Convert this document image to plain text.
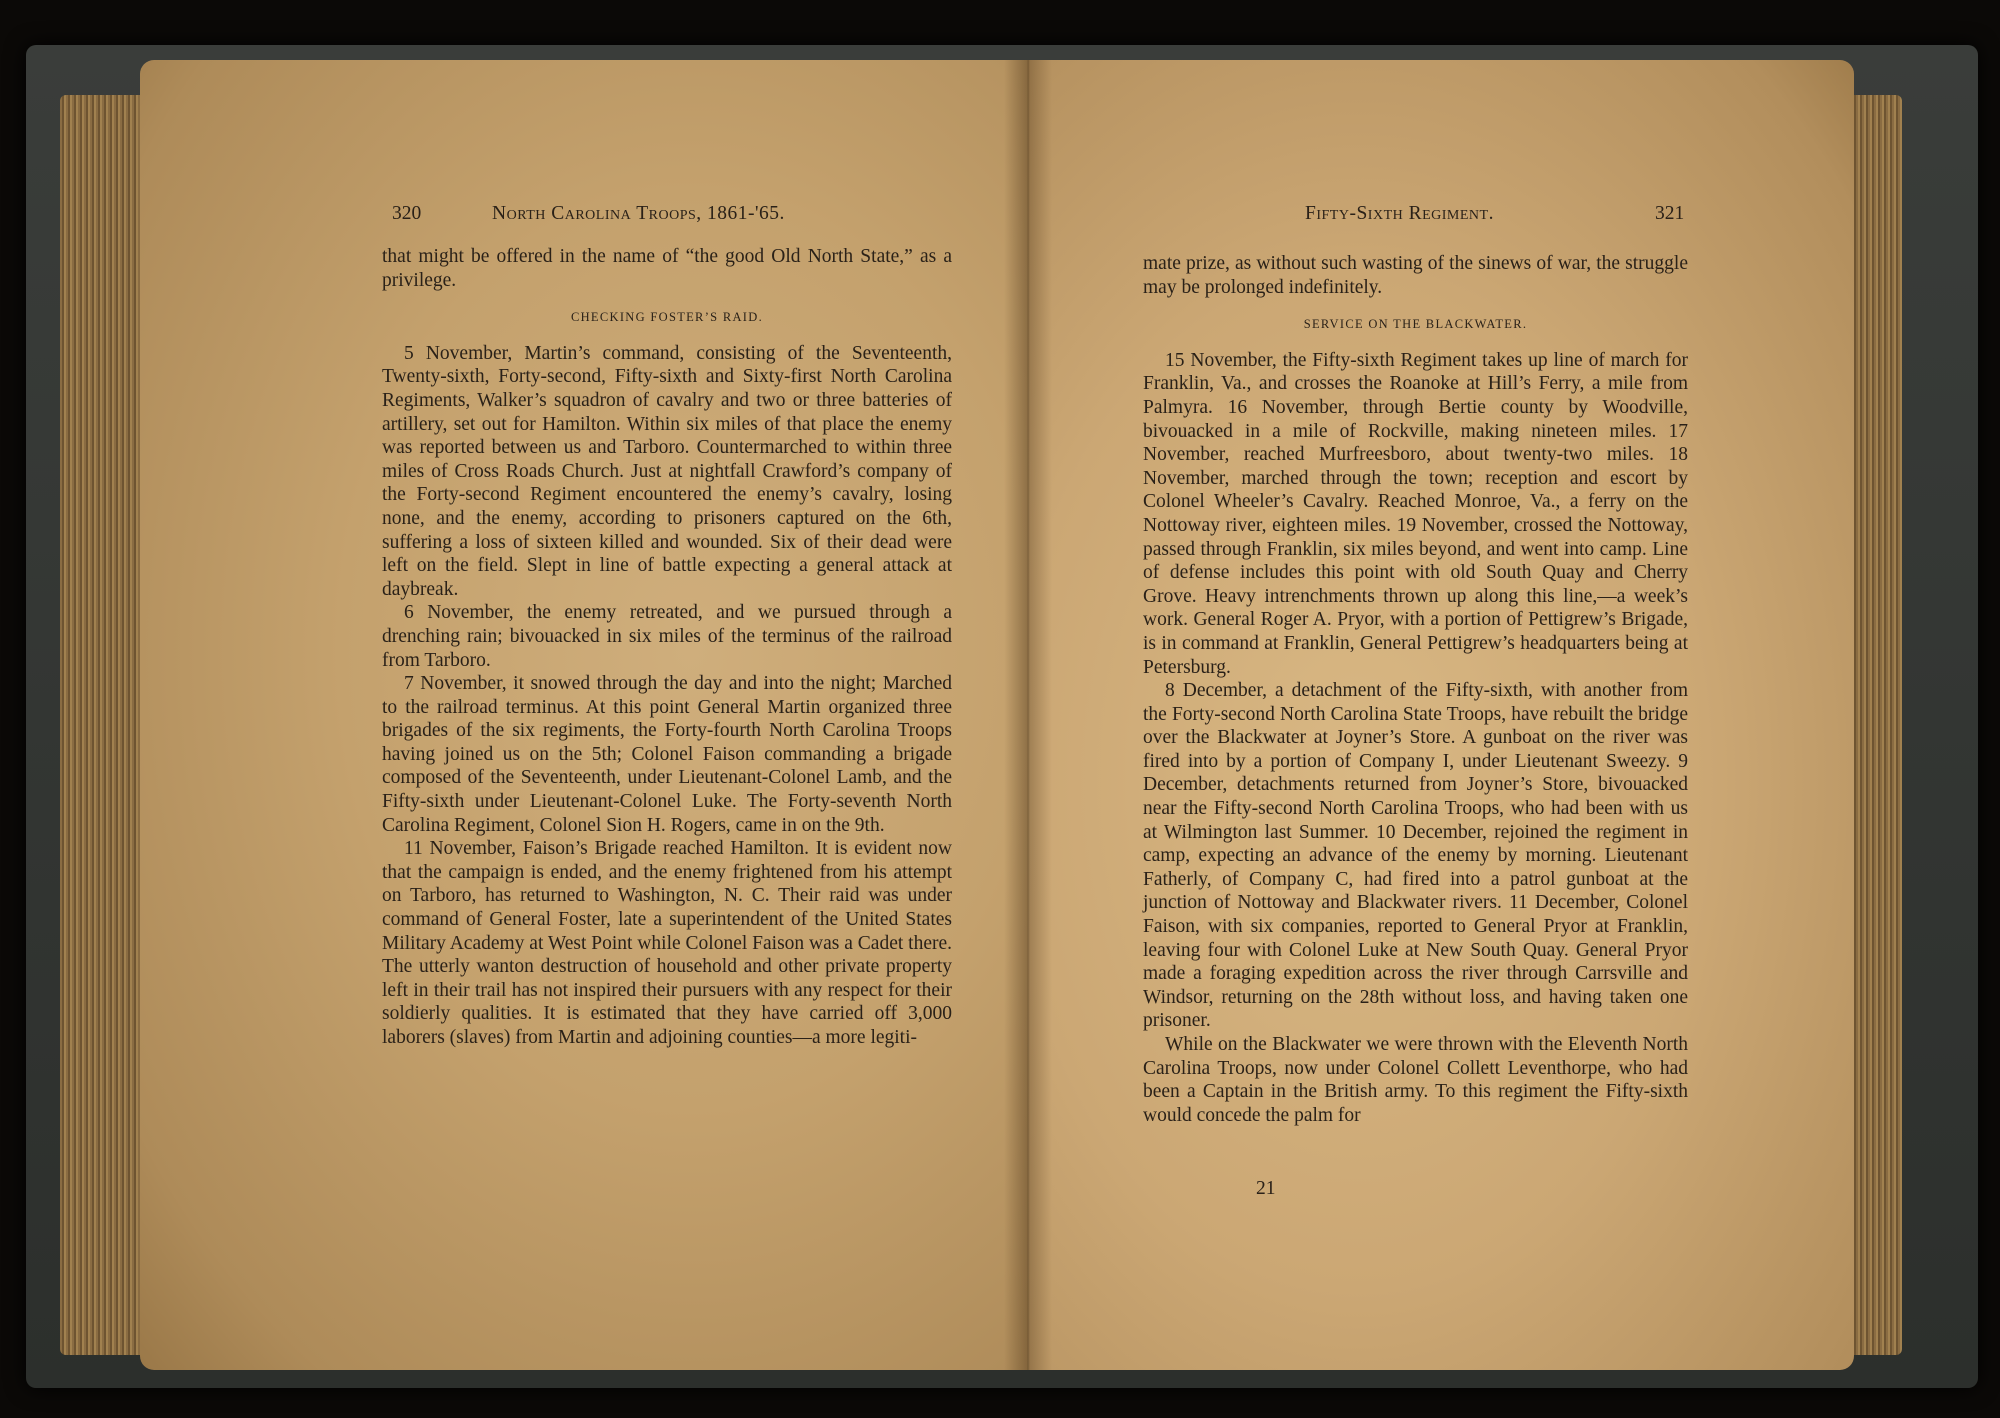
320	North Carolina Troops, 1861-'65.

that might be offered in the name of “the good Old North State,” as a privilege.

CHECKING FOSTER’S RAID.

5 November, Martin’s command, consisting of the Seventeenth, Twenty-sixth, Forty-second, Fifty-sixth and Sixty-first North Carolina Regiments, Walker’s squadron of cavalry and two or three batteries of artillery, set out for Hamilton. Within six miles of that place the enemy was reported between us and Tarboro. Countermarched to within three miles of Cross Roads Church. Just at nightfall Crawford’s company of the Forty-second Regiment encountered the enemy’s cavalry, losing none, and the enemy, according to prisoners captured on the 6th, suffering a loss of sixteen killed and wounded. Six of their dead were left on the field. Slept in line of battle expecting a general attack at daybreak.

6 November, the enemy retreated, and we pursued through a drenching rain; bivouacked in six miles of the terminus of the railroad from Tarboro.

7 November, it snowed through the day and into the night; Marched to the railroad terminus. At this point General Martin organized three brigades of the six regiments, the Forty-fourth North Carolina Troops having joined us on the 5th; Colonel Faison commanding a brigade composed of the Seventeenth, under Lieutenant-Colonel Lamb, and the Fifty-sixth under Lieutenant-Colonel Luke. The Forty-seventh North Carolina Regiment, Colonel Sion H. Rogers, came in on the 9th.

11 November, Faison’s Brigade reached Hamilton. It is evident now that the campaign is ended, and the enemy frightened from his attempt on Tarboro, has returned to Washington, N. C. Their raid was under command of General Foster, late a superintendent of the United States Military Academy at West Point while Colonel Faison was a Cadet there. The utterly wanton destruction of household and other private property left in their trail has not inspired their pursuers with any respect for their soldierly qualities. It is estimated that they have carried off 3,000 laborers (slaves) from Martin and adjoining counties—a more legiti-

Fifty-Sixth Regiment.	321

mate prize, as without such wasting of the sinews of war, the struggle may be prolonged indefinitely.

SERVICE ON THE BLACKWATER.

15 November, the Fifty-sixth Regiment takes up line of march for Franklin, Va., and crosses the Roanoke at Hill’s Ferry, a mile from Palmyra. 16 November, through Bertie county by Woodville, bivouacked in a mile of Rockville, making nineteen miles. 17 November, reached Murfreesboro, about twenty-two miles. 18 November, marched through the town; reception and escort by Colonel Wheeler’s Cavalry. Reached Monroe, Va., a ferry on the Nottoway river, eighteen miles. 19 November, crossed the Nottoway, passed through Franklin, six miles beyond, and went into camp. Line of defense includes this point with old South Quay and Cherry Grove. Heavy intrenchments thrown up along this line,—a week’s work. General Roger A. Pryor, with a portion of Pettigrew’s Brigade, is in command at Franklin, General Pettigrew’s headquarters being at Petersburg.

8 December, a detachment of the Fifty-sixth, with another from the Forty-second North Carolina State Troops, have rebuilt the bridge over the Blackwater at Joyner’s Store. A gunboat on the river was fired into by a portion of Company I, under Lieutenant Sweezy. 9 December, detachments returned from Joyner’s Store, bivouacked near the Fifty-second North Carolina Troops, who had been with us at Wilmington last Summer. 10 December, rejoined the regiment in camp, expecting an advance of the enemy by morning. Lieutenant Fatherly, of Company C, had fired into a patrol gunboat at the junction of Nottoway and Blackwater rivers. 11 December, Colonel Faison, with six companies, reported to General Pryor at Franklin, leaving four with Colonel Luke at New South Quay. General Pryor made a foraging expedition across the river through Carrsville and Windsor, returning on the 28th without loss, and having taken one prisoner.

While on the Blackwater we were thrown with the Eleventh North Carolina Troops, now under Colonel Collett Leventhorpe, who had been a Captain in the British army. To this regiment the Fifty-sixth would concede the palm for

21
